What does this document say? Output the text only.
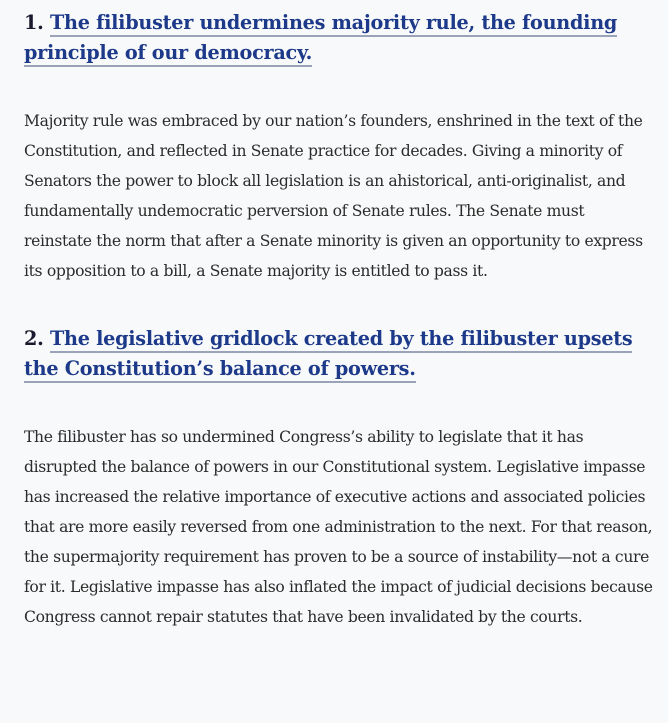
1. The filibuster undermines majority rule, the founding principle of our democracy.

Majority rule was embraced by our nation’s founders, enshrined in the text of the Constitution, and reflected in Senate practice for decades. Giving a minority of Senators the power to block all legislation is an ahistorical, anti-originalist, and fundamentally undemocratic perversion of Senate rules. The Senate must reinstate the norm that after a Senate minority is given an opportunity to express its opposition to a bill, a Senate majority is entitled to pass it.

2. The legislative gridlock created by the filibuster upsets the Constitution’s balance of powers.

The filibuster has so undermined Congress’s ability to legislate that it has disrupted the balance of powers in our Constitutional system. Legislative impasse has increased the relative importance of executive actions and associated policies that are more easily reversed from one administration to the next. For that reason, the supermajority requirement has proven to be a source of instability—not a cure for it. Legislative impasse has also inflated the impact of judicial decisions because Congress cannot repair statutes that have been invalidated by the courts.
